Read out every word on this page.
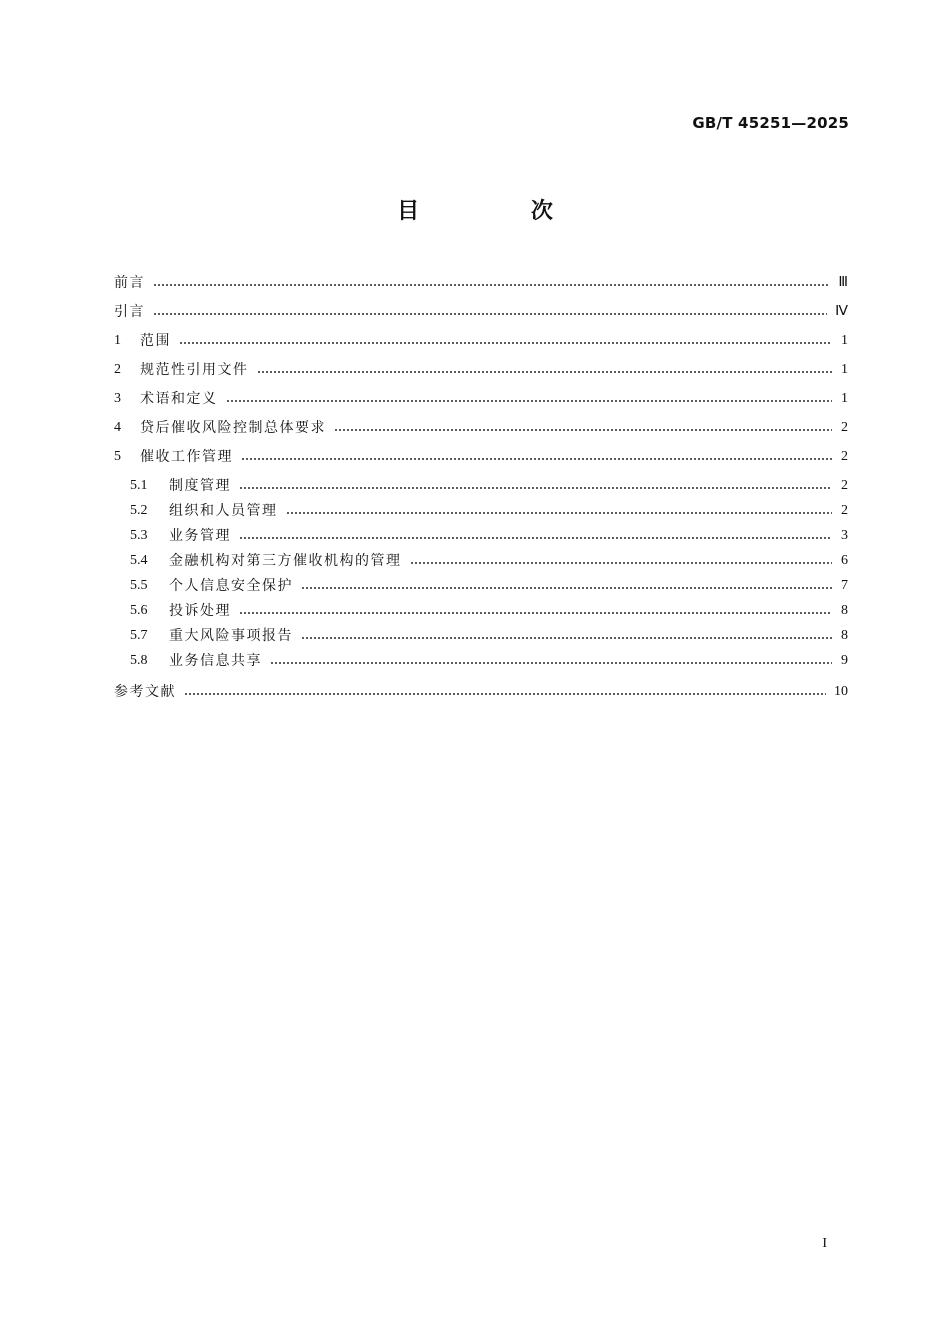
GB/T 45251—2025
目 次
前言	Ⅲ
引言	Ⅳ
1	范围	1
2	规范性引用文件	1
3	术语和定义	1
4	贷后催收风险控制总体要求	2
5	催收工作管理	2
5.1	制度管理	2
5.2	组织和人员管理	2
5.3	业务管理	3
5.4	金融机构对第三方催收机构的管理	6
5.5	个人信息安全保护	7
5.6	投诉处理	8
5.7	重大风险事项报告	8
5.8	业务信息共享	9
参考文献	10
I
